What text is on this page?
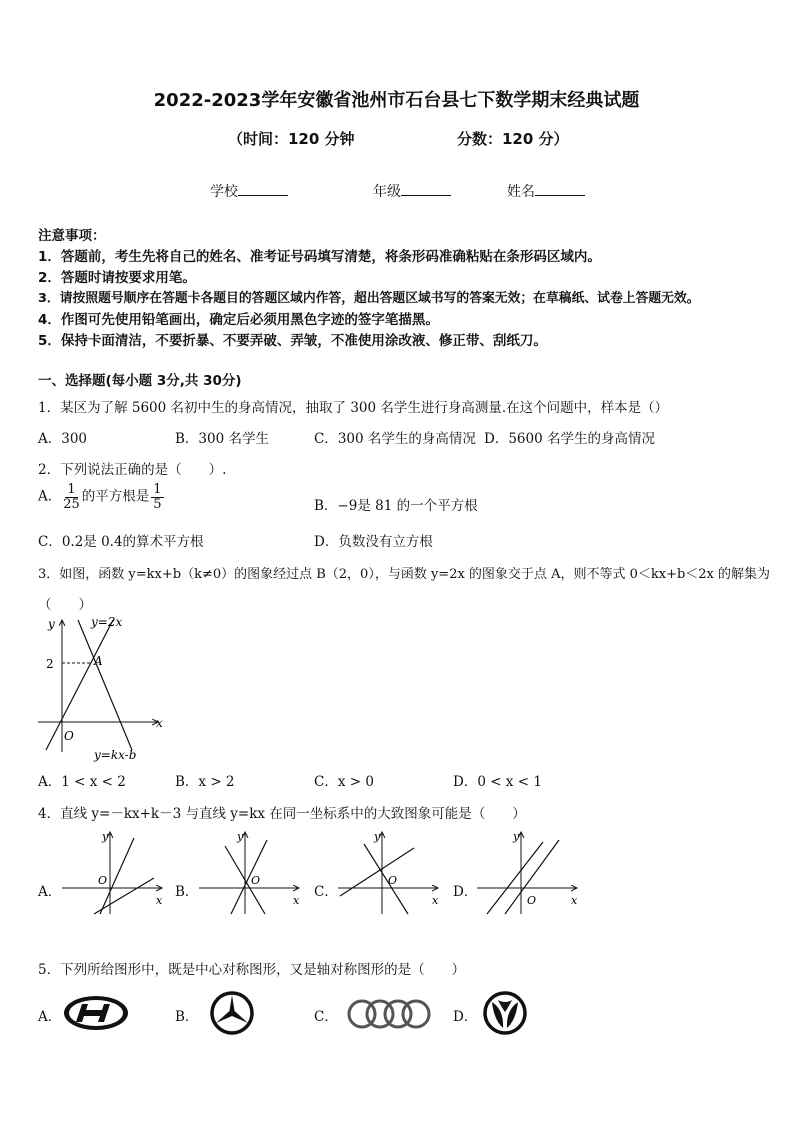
2022-2023学年安徽省池州市石台县七下数学期末经典试题
（时间：120 分钟	分数：120 分）
学校	年级	姓名
注意事项：
1．答题前，考生先将自己的姓名、准考证号码填写清楚，将条形码准确粘贴在条形码区域内。
2．答题时请按要求用笔。
3．请按照题号顺序在答题卡各题目的答题区域内作答，超出答题区域书写的答案无效；在草稿纸、试卷上答题无效。
4．作图可先使用铅笔画出，确定后必须用黑色字迹的签字笔描黑。
5．保持卡面清洁，不要折暴、不要弄破、弄皱，不准使用涂改液、修正带、刮纸刀。
一、选择题(每小题 3分,共 30分)
1．某区为了解 5600 名初中生的身高情况，抽取了 300 名学生进行身高测量.在这个问题中，样本是（）
A．300	B．300 名学生	C．300 名学生的身高情况 D．5600 名学生的身高情况
2．下列说法正确的是（　　）.
A． $\frac{1}{25}$ 的平方根是 $\frac{1}{5}$	B．−9是 81 的一个平方根
C．0.2是 0.4的算术平方根	D．负数没有立方根
3．如图，函数 y=kx+b（k≠0）的图象经过点 B（2，0），与函数 y=2x 的图象交于点 A，则不等式 0＜kx+b＜2x 的解集为
（　　）
y	y=2x
2	A
x
O
y=kx-b
A．1 < x < 2	B．x > 2	C．x > 0	D．0 < x < 1
4．直线 y=－kx+k－3 与直线 y=kx 在同一坐标系中的大致图象可能是（　　）
A．
y
O
x
B．
y
O
x
C．
y
O
x
D．
y
O	x
5．下列所给图形中，既是中心对称图形，又是轴对称图形的是（　　）
A．	B．	C．	D．
